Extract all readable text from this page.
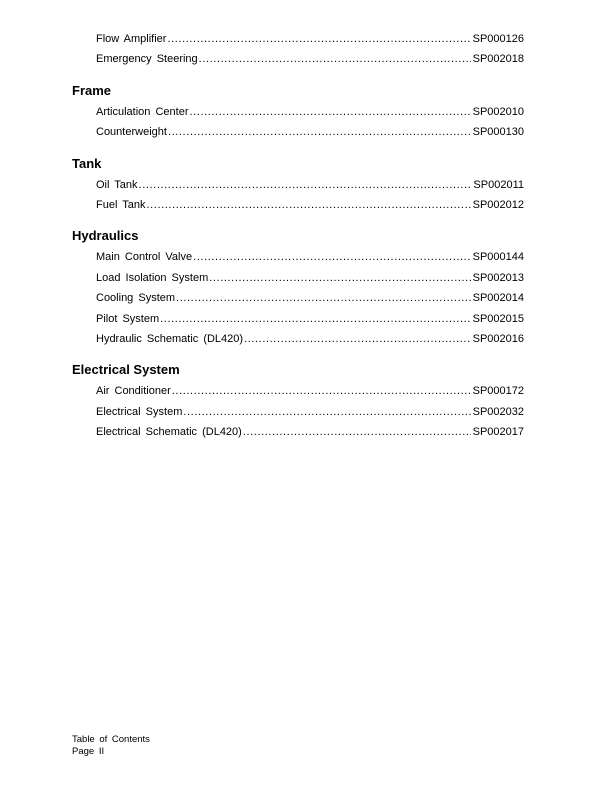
Flow Amplifier .....	SP000126
Emergency Steering .....	SP002018
Frame
Articulation Center .....	SP002010
Counterweight .....	SP000130
Tank
Oil Tank .....	SP002011
Fuel Tank .....	SP002012
Hydraulics
Main Control Valve .....	SP000144
Load Isolation System .....	SP002013
Cooling System .....	SP002014
Pilot System .....	SP002015
Hydraulic Schematic (DL420) .....	SP002016
Electrical System
Air Conditioner .....	SP000172
Electrical System .....	SP002032
Electrical Schematic (DL420) .....	SP002017
Table of Contents
Page II
